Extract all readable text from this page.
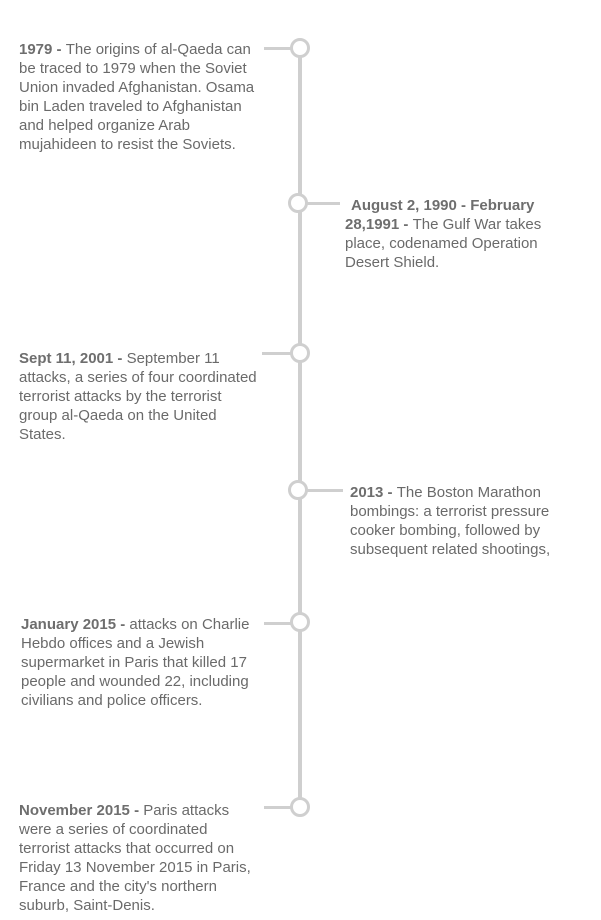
1979 - The origins of al-Qaeda can be traced to 1979 when the Soviet Union invaded Afghanistan. Osama bin Laden traveled to Afghanistan and helped organize Arab mujahideen to resist the Soviets.
August 2, 1990 - February 28,1991 - The Gulf War takes place, codenamed Operation Desert Shield.
Sept 11, 2001 - September 11 attacks, a series of four coordinated terrorist attacks by the terrorist group al-Qaeda on the United States.
2013 - The Boston Marathon bombings: a terrorist pressure cooker bombing, followed by subsequent related shootings,
January 2015 - attacks on Charlie Hebdo offices and a Jewish supermarket in Paris that killed 17 people and wounded 22, including civilians and police officers.
November 2015 - Paris attacks were a series of coordinated terrorist attacks that occurred on Friday 13 November 2015 in Paris, France and the city's northern suburb, Saint-Denis.
